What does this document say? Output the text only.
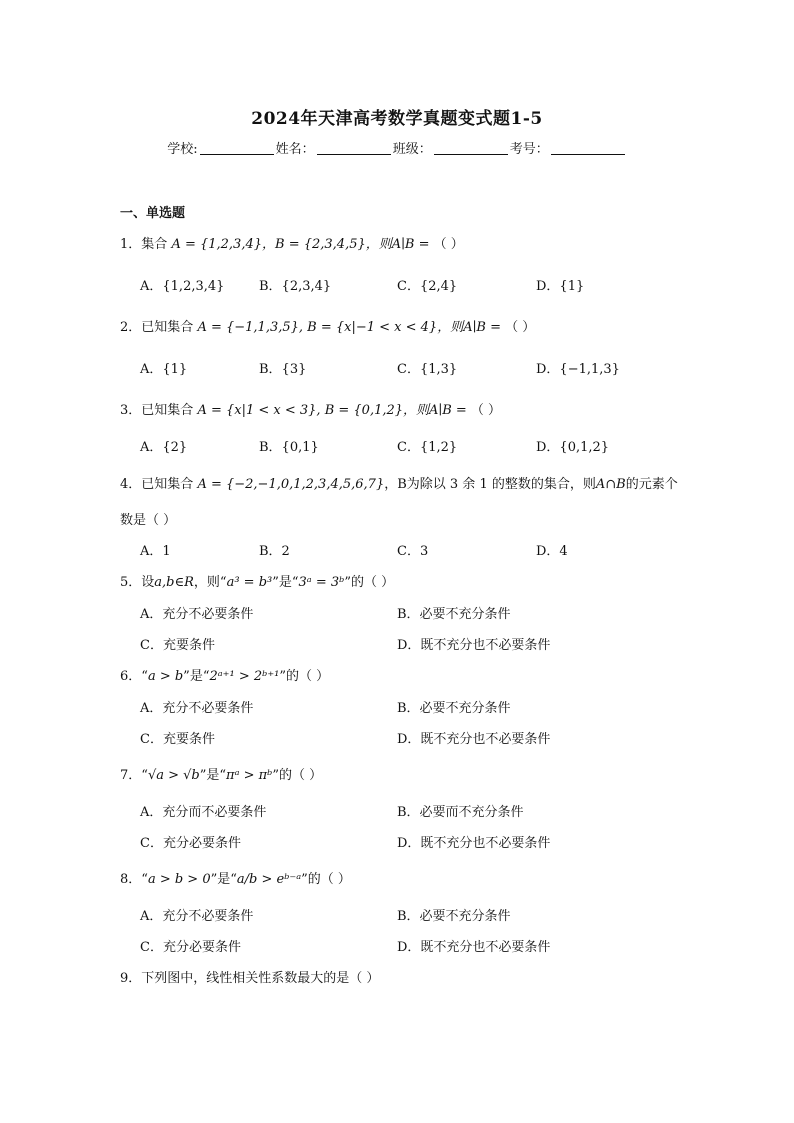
2024年天津高考数学真题变式题1-5
学校:	姓名：	班级：	考号：
一、单选题
1．集合 A = {1,2,3,4}，B = {2,3,4,5}，则A∣B = （ ）
A．{1,2,3,4}	B．{2,3,4}	C．{2,4}	D．{1}
2．已知集合 A = {−1,1,3,5}, B = {x|−1 < x < 4}，则A∣B = （ ）
A．{1}	B．{3}	C．{1,3}	D．{−1,1,3}
3．已知集合 A = {x|1 < x < 3}, B = {0,1,2}，则A∣B = （ ）
A．{2}	B．{0,1}	C．{1,2}	D．{0,1,2}
4．已知集合 A = {−2,−1,0,1,2,3,4,5,6,7}，B为除以 3 余 1 的整数的集合，则A∩B的元素个
数是（ ）
A．1	B．2	C．3	D．4
5．设a,b∈R，则“a³ = b³”是“3ᵃ = 3ᵇ”的（ ）
A．充分不必要条件	B．必要不充分条件
C．充要条件	D．既不充分也不必要条件
6．“a > b”是“2ᵃ⁺¹ > 2ᵇ⁺¹”的（ ）
A．充分不必要条件	B．必要不充分条件
C．充要条件	D．既不充分也不必要条件
7．“√a > √b”是“πᵃ > πᵇ”的（ ）
A．充分而不必要条件	B．必要而不充分条件
C．充分必要条件	D．既不充分也不必要条件
8．“a > b > 0”是“a/b > eᵇ⁻ᵃ”的（ ）
A．充分不必要条件	B．必要不充分条件
C．充分必要条件	D．既不充分也不必要条件
9．下列图中，线性相关性系数最大的是（ ）
